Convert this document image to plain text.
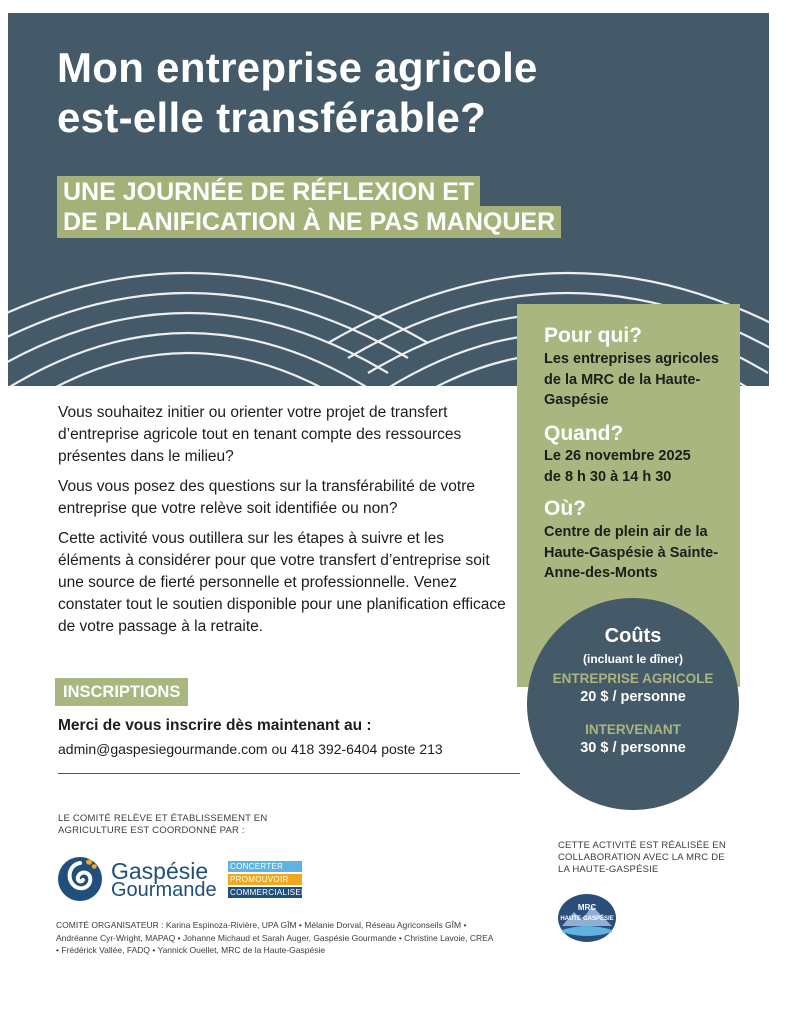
Mon entreprise agricole
est-elle transférable?
UNE JOURNÉE DE RÉFLEXION ET
DE PLANIFICATION À NE PAS MANQUER
Pour qui?

Les entreprises agricoles de la MRC de la Haute-Gaspésie

Quand?

Le 26 novembre 2025
de 8 h 30 à 14 h 30

Où?

Centre de plein air de la Haute-Gaspésie à Sainte-Anne-des-Monts

Coûts
(incluant le dîner)
ENTREPRISE AGRICOLE
20 $ / personne
INTERVENANT
30 $ / personne

Vous souhaitez initier ou orienter votre projet de transfert d’entreprise agricole tout en tenant compte des ressources présentes dans le milieu?

Vous vous posez des questions sur la transférabilité de votre entreprise que votre relève soit identifiée ou non?

Cette activité vous outillera sur les étapes à suivre et les éléments à considérer pour que votre transfert d’entreprise soit une source de fierté personnelle et professionnelle. Venez constater tout le soutien disponible pour une planification efficace de votre passage à la retraite.

INSCRIPTIONS

Merci de vous inscrire dès maintenant au :

admin@gaspesiegourmande.com ou 418 392-6404 poste 213

LE COMITÉ RELÈVE ET ÉTABLISSEMENT EN AGRICULTURE EST COORDONNÉ PAR :

Gaspésie
Gourmande
CONCERTER
PROMOUVOIR
COMMERCIALISER

COMITÉ ORGANISATEUR : Karina Espinoza-Rivière, UPA GÎM • Mélanie Dorval, Réseau Agriconseils GÎM • Andréanne Cyr-Wright, MAPAQ • Johanne Michaud et Sarah Auger, Gaspésie Gourmande • Christine Lavoie, CREA • Frédérick Vallée, FADQ • Yannick Ouellet, MRC de la Haute-Gaspésie

CETTE ACTIVITÉ EST RÉALISÉE EN COLLABORATION AVEC LA MRC DE LA HAUTE-GASPÉSIE

MRC
HAUTE-GASPÉSIE
